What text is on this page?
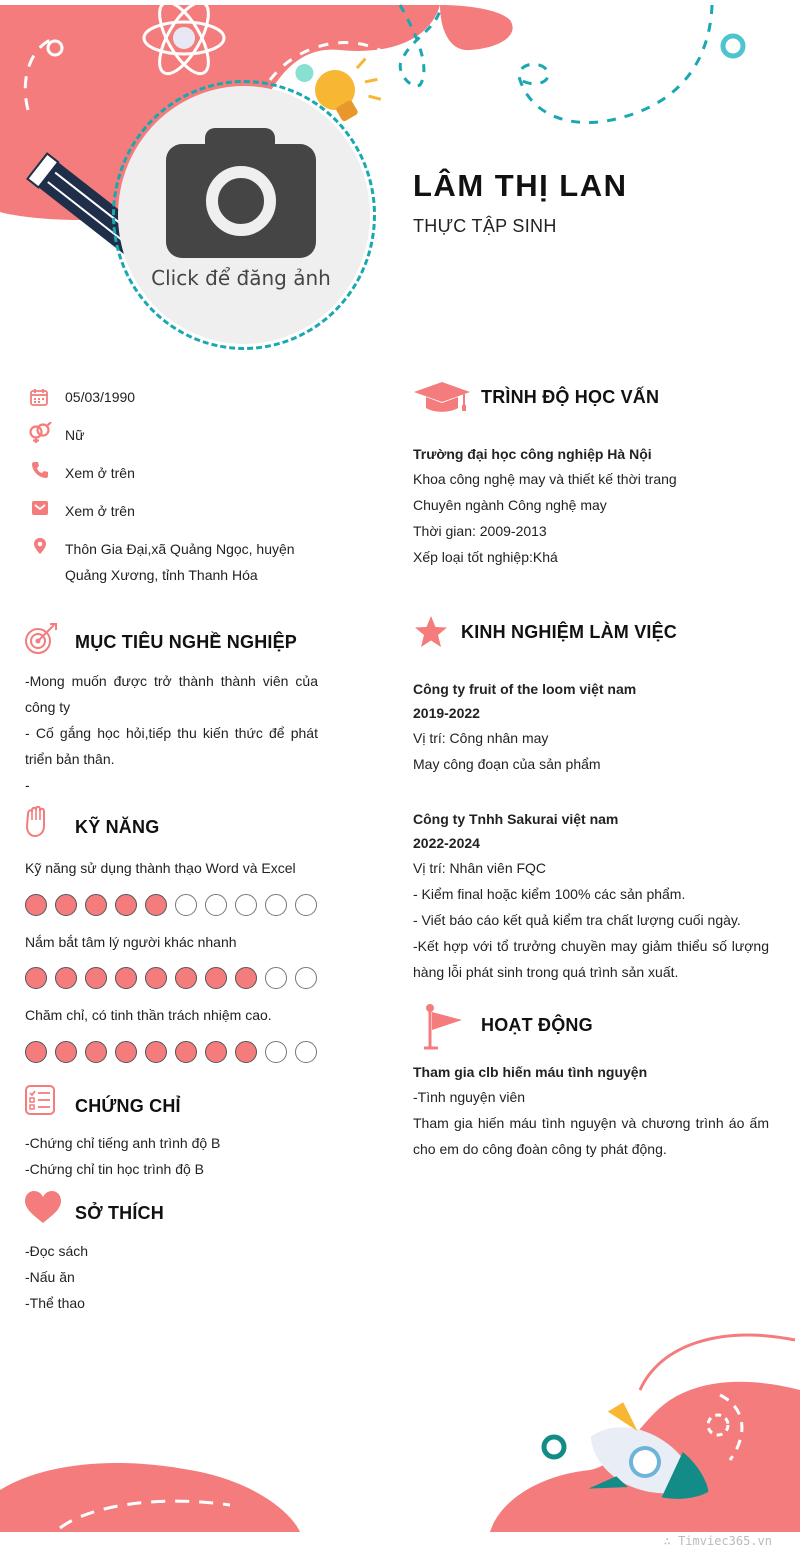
Click để đăng ảnh
LÂM THỊ LAN
THỰC TẬP SINH
05/03/1990
Nữ
Xem ở trên
Xem ở trên
Thôn Gia Đại,xã Quảng Ngọc, huyện
Quảng Xương, tỉnh Thanh Hóa
MỤC TIÊU NGHỀ NGHIỆP
-Mong muốn được trở thành thành viên của
công ty
- Cố gắng học hỏi,tiếp thu kiến thức để phát
triển bản thân.
-
KỸ NĂNG
Kỹ năng sử dụng thành thạo Word và Excel
Nắm bắt tâm lý người khác nhanh
Chăm chỉ, có tinh thần trách nhiệm cao.
CHỨNG CHỈ
-Chứng chỉ tiếng anh trình độ B
-Chứng chỉ tin học trình độ B
SỞ THÍCH
-Đọc sách
-Nấu ăn
-Thể thao
TRÌNH ĐỘ HỌC VẤN
Trường đại học công nghiệp Hà Nội
Khoa công nghệ may và thiết kế thời trang
Chuyên ngành Công nghệ may
Thời gian: 2009-2013
Xếp loại tốt nghiệp:Khá
KINH NGHIỆM LÀM VIỆC
Công ty fruit of the loom việt nam
2019-2022
Vị trí: Công nhân may
May công đoạn của sản phẩm
Công ty Tnhh Sakurai việt nam
2022-2024
Vị trí: Nhân viên FQC
- Kiểm final hoặc kiểm 100% các sản phẩm.
- Viết báo cáo kết quả kiểm tra chất lượng cuối ngày.
-Kết hợp với tổ trưởng chuyền may giảm thiểu số lượng
hàng lỗi phát sinh trong quá trình sản xuất.
HOẠT ĐỘNG
Tham gia clb hiến máu tình nguyện
-Tình nguyện viên
Tham gia hiến máu tình nguyện và chương trình áo ấm
cho em do công đoàn công ty phát động.
∴ Timviec365.vn
